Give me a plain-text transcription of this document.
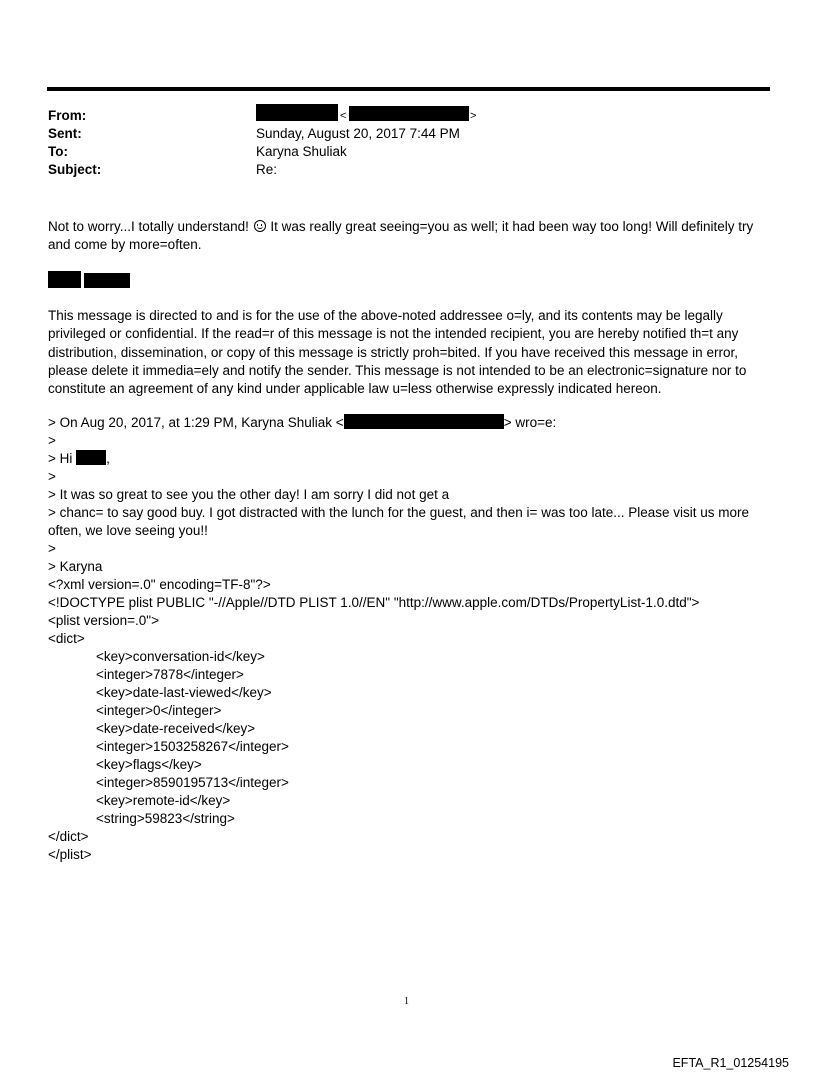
From:
Sent:
To:
Subject:
<	>
Sunday, August 20, 2017 7:44 PM
Karyna Shuliak
Re:
Not to worry...I totally understand!  It was really great seeing=you as well; it had been way too long! Will definitely try and come by more=often.
This message is directed to and is for the use of the above-noted addressee o=ly, and its contents may be legally privileged or confidential. If the read=r of this message is not the intended recipient, you are hereby notified th=t any distribution, dissemination, or copy of this message is strictly proh=bited. If you have received this message in error, please delete it immedia=ely and notify the sender. This message is not intended to be an electronic=signature nor to constitute an agreement of any kind under applicable law u=less otherwise expressly indicated hereon.
> On Aug 20, 2017, at 1:29 PM, Karyna Shuliak <	> wro=e:
>
> Hi ,
>
> It was so great to see you the other day! I am sorry I did not get a
> chanc= to say good buy. I got distracted with the lunch for the guest, and then i= was too late... Please visit us more
often, we love seeing you!!
>
> Karyna
<?xml version=.0" encoding=TF-8"?>
<!DOCTYPE plist PUBLIC "-//Apple//DTD PLIST 1.0//EN" "http://www.apple.com/DTDs/PropertyList-1.0.dtd">
<plist version=.0">
<dict>
<key>conversation-id</key>
<integer>7878</integer>
<key>date-last-viewed</key>
<integer>0</integer>
<key>date-received</key>
<integer>1503258267</integer>
<key>flags</key>
<integer>8590195713</integer>
<key>remote-id</key>
<string>59823</string>
</dict>
</plist>
1
EFTA_R1_01254195
